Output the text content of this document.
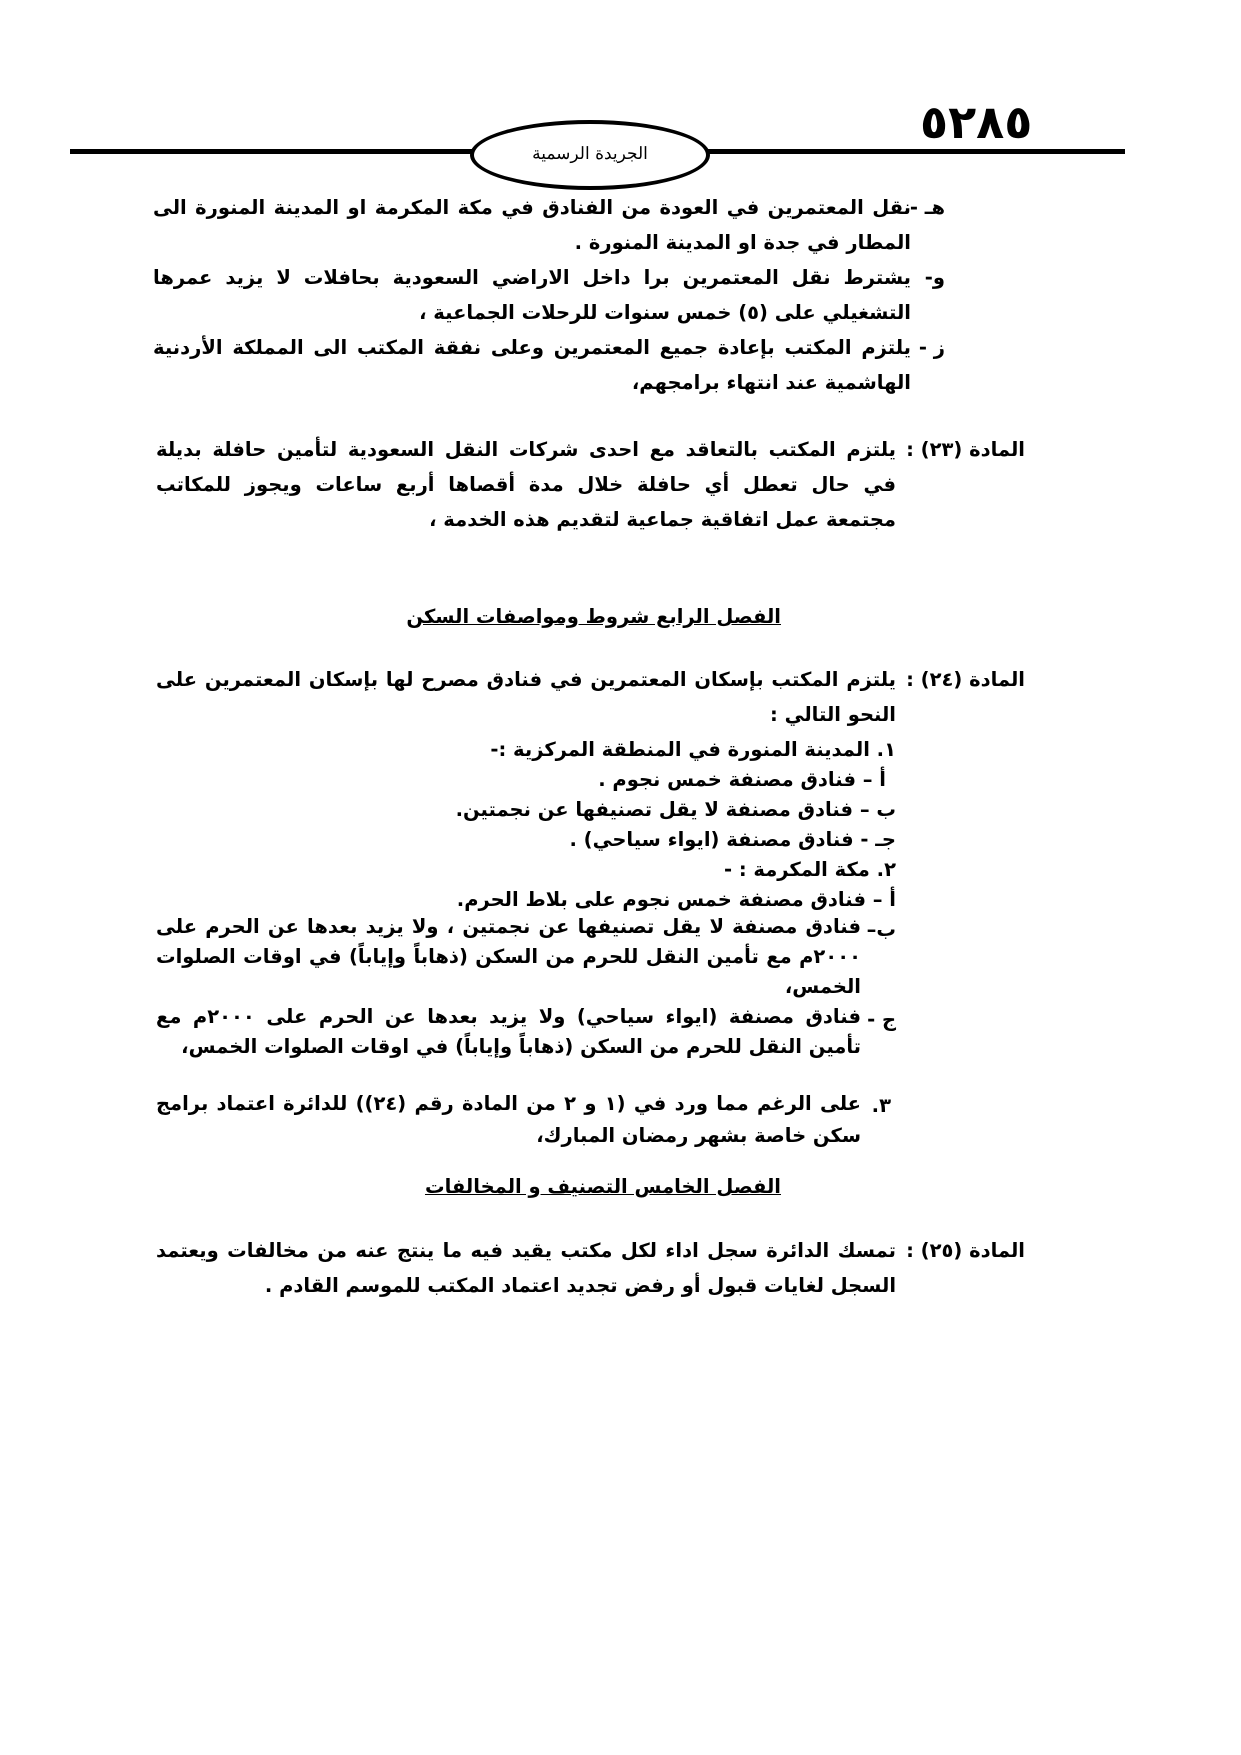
٥٢٨٥
الجريدة الرسمية
هـ -
نقل المعتمرين في العودة من الفنادق في مكة المكرمة او المدينة المنورة الى المطار في جدة او المدينة المنورة .
و-
يشترط نقل المعتمرين برا داخل الاراضي السعودية بحافلات لا يزيد عمرها التشغيلي على (٥) خمس سنوات للرحلات الجماعية ،
ز -
يلتزم المكتب بإعادة جميع المعتمرين وعلى نفقة المكتب الى المملكة الأردنية الهاشمية عند انتهاء برامجهم،
المادة (٢٣) :
يلتزم المكتب بالتعاقد مع احدى شركات النقل السعودية لتأمين حافلة بديلة في حال تعطل أي حافلة خلال مدة أقصاها أربع ساعات ويجوز للمكاتب مجتمعة عمل اتفاقية جماعية لتقديم هذه الخدمة ،
الفصل الرابع شروط ومواصفات السكن
المادة (٢٤) :
يلتزم المكتب بإسكان المعتمرين في فنادق مصرح لها بإسكان المعتمرين على النحو التالي :
١. المدينة المنورة في المنطقة المركزية :-
أ – فنادق مصنفة خمس نجوم .
ب – فنادق مصنفة لا يقل تصنيفها عن نجمتين.
جـ - فنادق مصنفة (ايواء سياحي) .
٢. مكة المكرمة : -
أ – فنادق مصنفة خمس نجوم على بلاط الحرم.
ب–
فنادق مصنفة لا يقل تصنيفها عن نجمتين ، ولا يزيد بعدها عن الحرم على ٢٠٠٠م مع تأمين النقل للحرم من السكن (ذهاباً وإياباً) في اوقات الصلوات الخمس،
ج -
فنادق مصنفة (ايواء سياحي) ولا يزيد بعدها عن الحرم على ٢٠٠٠م مع تأمين النقل للحرم من السكن (ذهاباً وإياباً) في اوقات الصلوات الخمس،
٣.
على الرغم مما ورد في (١ و ٢ من المادة رقم (٢٤)) للدائرة اعتماد برامج سكن خاصة بشهر رمضان المبارك،
الفصل الخامس التصنيف و المخالفات
المادة (٢٥) :
تمسك الدائرة سجل اداء لكل مكتب يقيد فيه ما ينتج عنه من مخالفات ويعتمد السجل لغايات قبول أو رفض تجديد اعتماد المكتب للموسم القادم .
